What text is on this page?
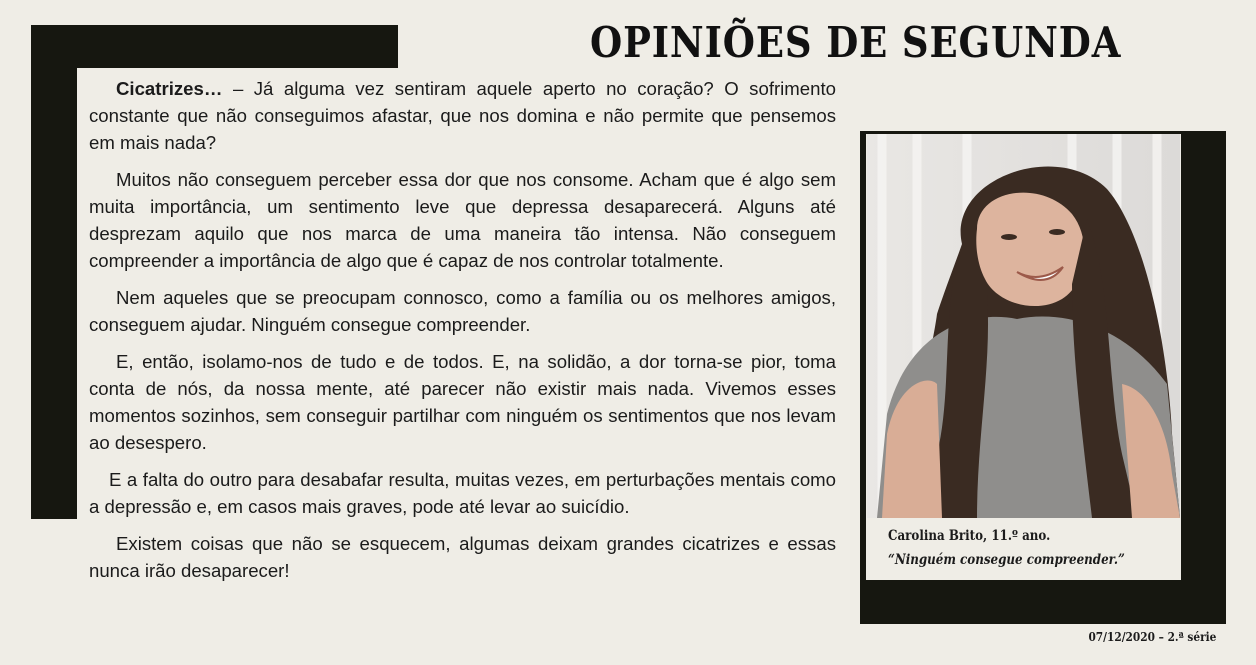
OPINIÕES DE SEGUNDA

Cicatrizes… – Já alguma vez sentiram aquele aperto no coração? O sofrimento constante que não conseguimos afastar, que nos domina e não permite que pensemos em mais nada?

Muitos não conseguem perceber essa dor que nos consome. Acham que é algo sem muita importância, um sentimento leve que depressa desaparecerá. Alguns até desprezam aquilo que nos marca de uma maneira tão intensa. Não conseguem compreender a importância de algo que é capaz de nos controlar totalmente.

Nem aqueles que se preocupam connosco, como a família ou os melhores amigos, conseguem ajudar. Ninguém consegue compreender.

E, então, isolamo-nos de tudo e de todos. E, na solidão, a dor torna-se pior, toma conta de nós, da nossa mente, até parecer não existir mais nada. Vivemos esses momentos sozinhos, sem conseguir partilhar com ninguém os sentimentos que nos levam ao desespero.

E a falta do outro para desabafar resulta, muitas vezes, em perturbações mentais como a depressão e, em casos mais graves, pode até levar ao suicídio.

Existem coisas que não se esquecem, algumas deixam grandes cicatrizes e essas nunca irão desaparecer!

Carolina Brito, 11.º ano.
“Ninguém consegue compreender.”
07/12/2020 – 2.ª série
